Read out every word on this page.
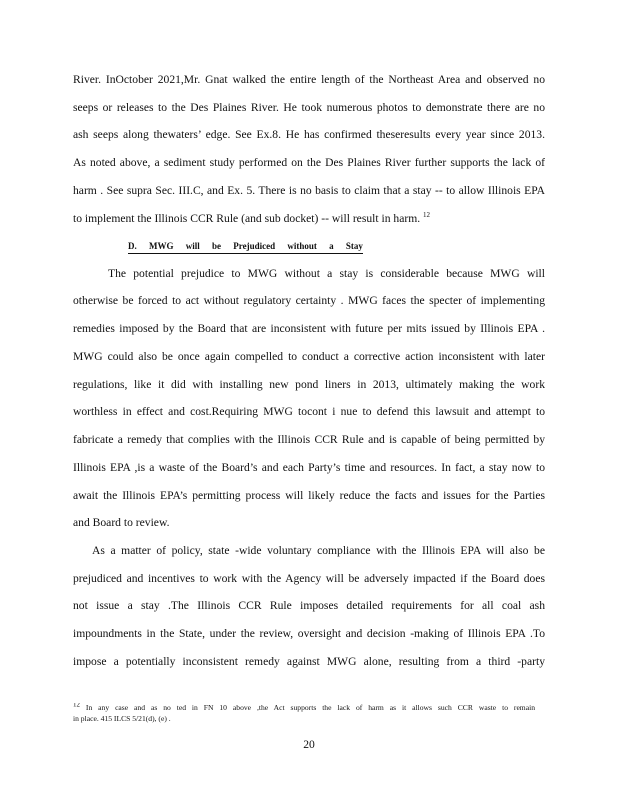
River. InOctober 2021,Mr. Gnat walked the entire length of the Northeast Area and observed no
seeps or releases to the Des Plaines River. He took numerous photos to demonstrate there are no
ash seeps along thewaters’ edge. See Ex.8. He has confirmed theseresults every year since 2013.
As noted above, a sediment study performed on the Des Plaines River further supports the lack of
harm . See supra Sec. III.C, and Ex. 5. There is no basis to claim that a stay -- to allow Illinois EPA
to implement the Illinois CCR Rule (and sub docket) -- will result in harm. $^{12}$
D. MWG will be Prejudiced without a Stay
The potential prejudice to MWG without a stay is considerable because MWG will
otherwise be forced to act without regulatory certainty . MWG faces the specter of implementing
remedies imposed by the Board that are inconsistent with future per mits issued by Illinois EPA .
MWG could also be once again compelled to conduct a corrective action inconsistent with later
regulations, like it did with installing new pond liners in 2013, ultimately making the work
worthless in effect and cost.Requiring MWG tocont i nue to defend this lawsuit and attempt to
fabricate a remedy that complies with the Illinois CCR Rule and is capable of being permitted by
Illinois EPA ,is a waste of the Board’s and each Party’s time and resources. In fact, a stay now to
await the Illinois EPA’s permitting process will likely reduce the facts and issues for the Parties
and Board to review.
As a matter of policy, state -wide voluntary compliance with the Illinois EPA will also be
prejudiced and incentives to work with the Agency will be adversely impacted if the Board does
not issue a stay .The Illinois CCR Rule imposes detailed requirements for all coal ash
impoundments in the State, under the review, oversight and decision -making of Illinois EPA .To
impose a potentially inconsistent remedy against MWG alone, resulting from a third -party
12 In any case and as no ted in FN 10 above ,the Act supports the lack of harm as it allows such CCR waste to remain
in place. 415 ILCS 5/21(d), (e) .
20
